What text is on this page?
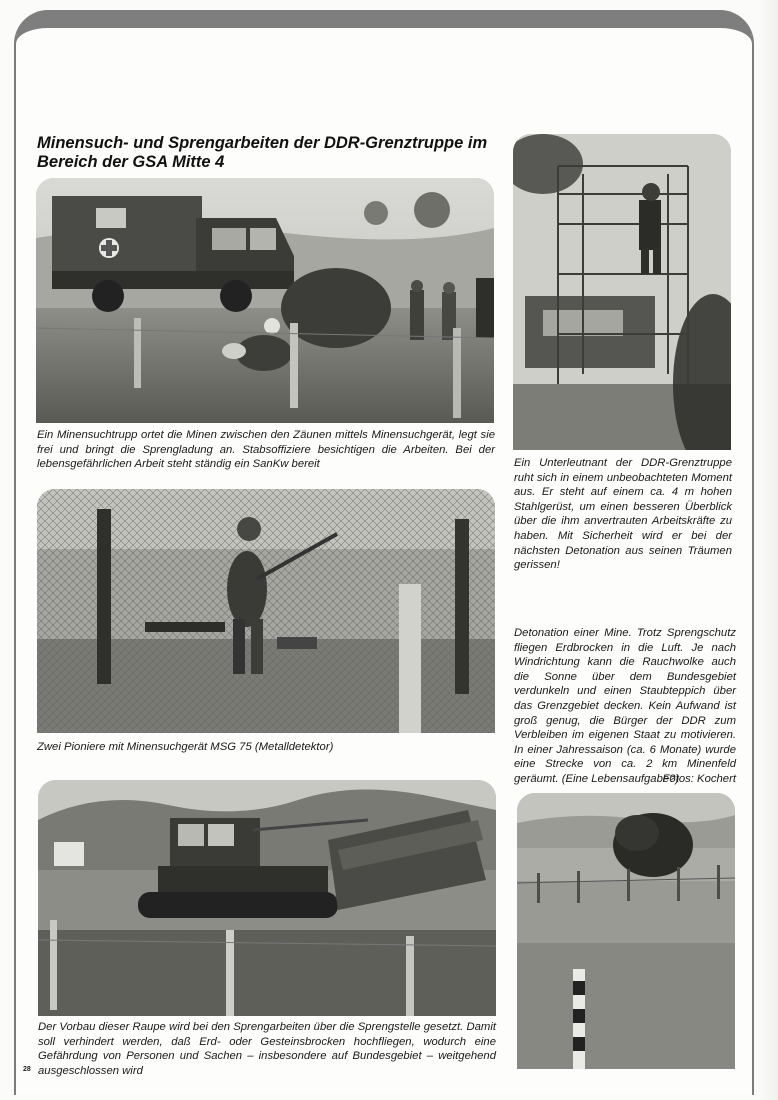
Minensuch- und Sprengarbeiten der DDR-Grenztruppe im Bereich der GSA Mitte 4

Ein Minensuchtrupp ortet die Minen zwischen den Zäunen mittels Minensuchgerät, legt sie frei und bringt die Sprengladung an. Stabsoffiziere besichtigen die Arbeiten. Bei der lebensgefährlichen Arbeit steht ständig ein SanKw bereit

Zwei Pioniere mit Minensuchgerät MSG 75 (Metalldetektor)

Der Vorbau dieser Raupe wird bei den Sprengarbeiten über die Sprengstelle gesetzt. Damit soll verhindert werden, daß Erd- oder Gesteinsbrocken hochfliegen, wodurch eine Gefährdung von Personen und Sachen – insbesondere auf Bundesgebiet – weitgehend ausgeschlossen wird

Ein Unterleutnant der DDR-Grenztruppe ruht sich in einem unbeobachteten Moment aus. Er steht auf einem ca. 4 m hohen Stahlgerüst, um einen besseren Überblick über die ihm anvertrauten Arbeitskräfte zu haben. Mit Sicherheit wird er bei der nächsten Detonation aus seinen Träumen gerissen!

Detonation einer Mine. Trotz Sprengschutz fliegen Erdbrocken in die Luft. Je nach Windrichtung kann die Rauchwolke auch die Sonne über dem Bundesgebiet verdunkeln und einen Staubteppich über das Grenzgebiet decken. Kein Aufwand ist groß genug, die Bürger der DDR zum Verbleiben im eigenen Staat zu motivieren. In einer Jahressaison (ca. 6 Monate) wurde eine Strecke von ca. 2 km Minenfeld geräumt. (Eine Lebensaufgabe?)

Fotos: Kochert

28
